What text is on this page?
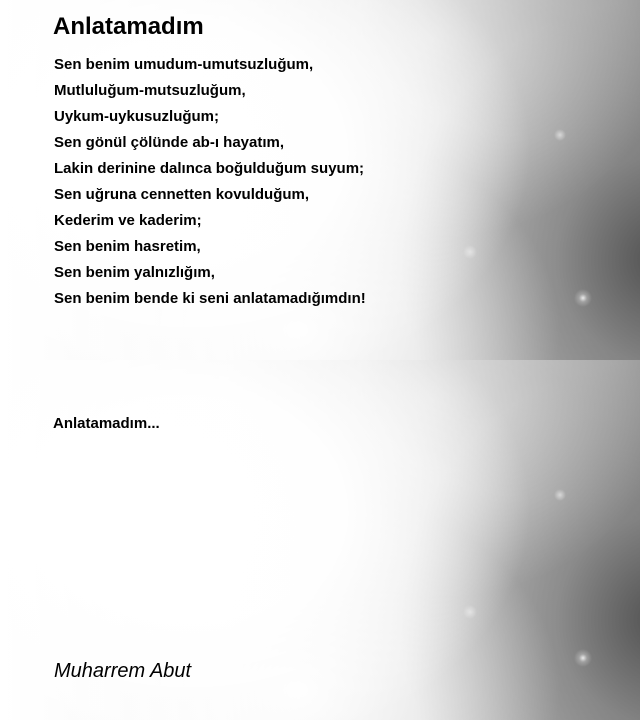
Anlatamadım
Sen benim umudum-umutsuzluğum,
Mutluluğum-mutsuzluğum,
Uykum-uykusuzluğum;
Sen gönül çölünde ab-ı hayatım,
Lakin derinine dalınca boğulduğum suyum;
Sen uğruna cennetten kovulduğum,
Kederim ve kaderim;
Sen benim hasretim,
Sen benim yalnızlığım,
Sen benim bende ki seni anlatamadığımdın!
Anlatamadım...
Muharrem Abut
